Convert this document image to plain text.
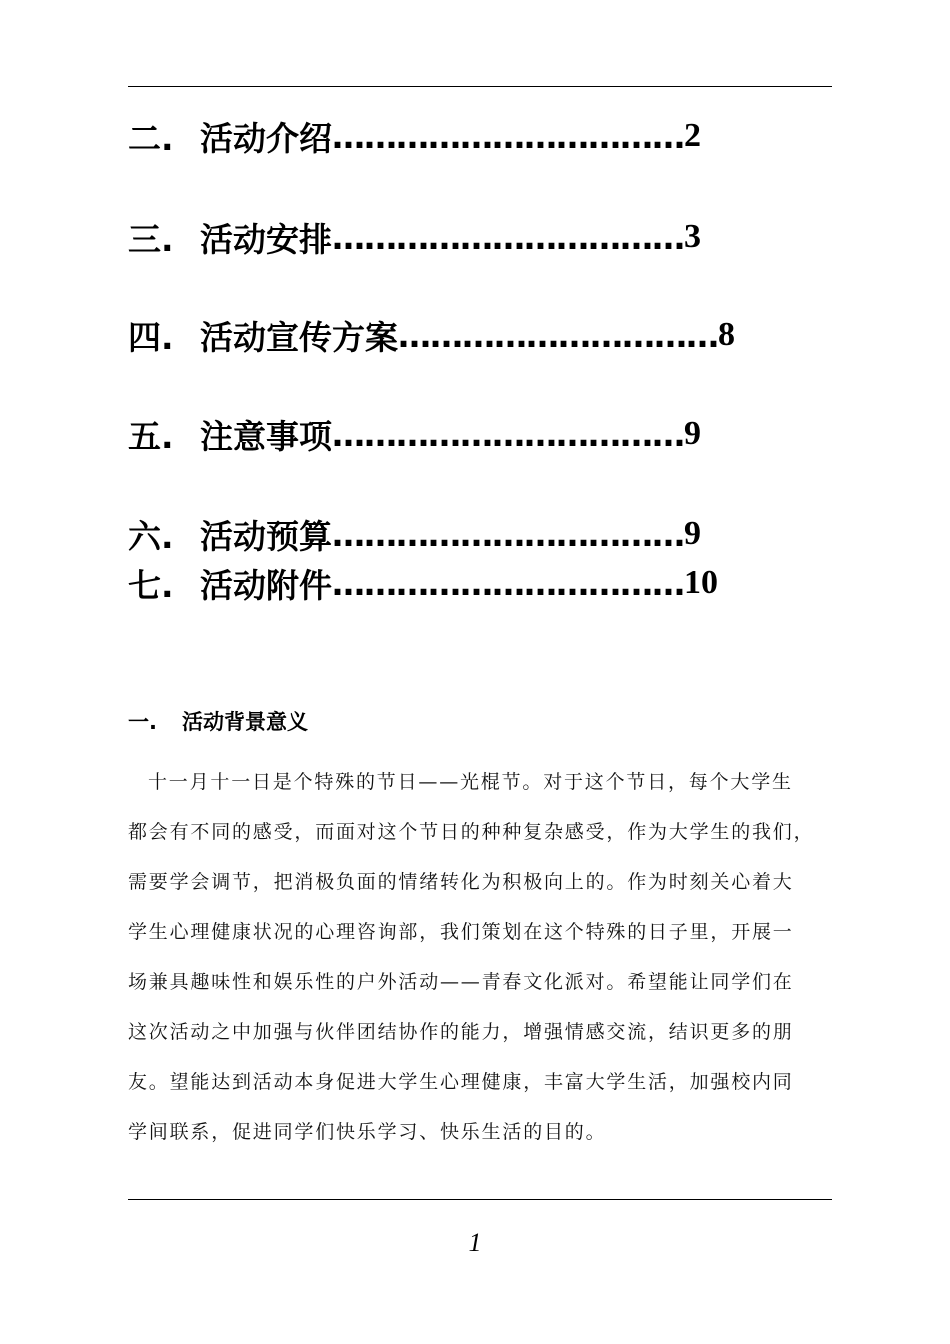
二. 活动介绍 …………………………… 2
三. 活动安排 …………………………… 3
四. 活动宣传方案 ………………………… 8
五. 注意事项 …………………………… 9
六. 活动预算 …………………………… 9
七. 活动附件 …………………………… 10
一. 活动背景意义
十一月十一日是个特殊的节日——光棍节。对于这个节日，每个大学生
都会有不同的感受，而面对这个节日的种种复杂感受，作为大学生的我们，
需要学会调节，把消极负面的情绪转化为积极向上的。作为时刻关心着大
学生心理健康状况的心理咨询部，我们策划在这个特殊的日子里，开展一
场兼具趣味性和娱乐性的户外活动——青春文化派对。希望能让同学们在
这次活动之中加强与伙伴团结协作的能力，增强情感交流，结识更多的朋
友。望能达到活动本身促进大学生心理健康，丰富大学生活，加强校内同
学间联系，促进同学们快乐学习、快乐生活的目的。
1
